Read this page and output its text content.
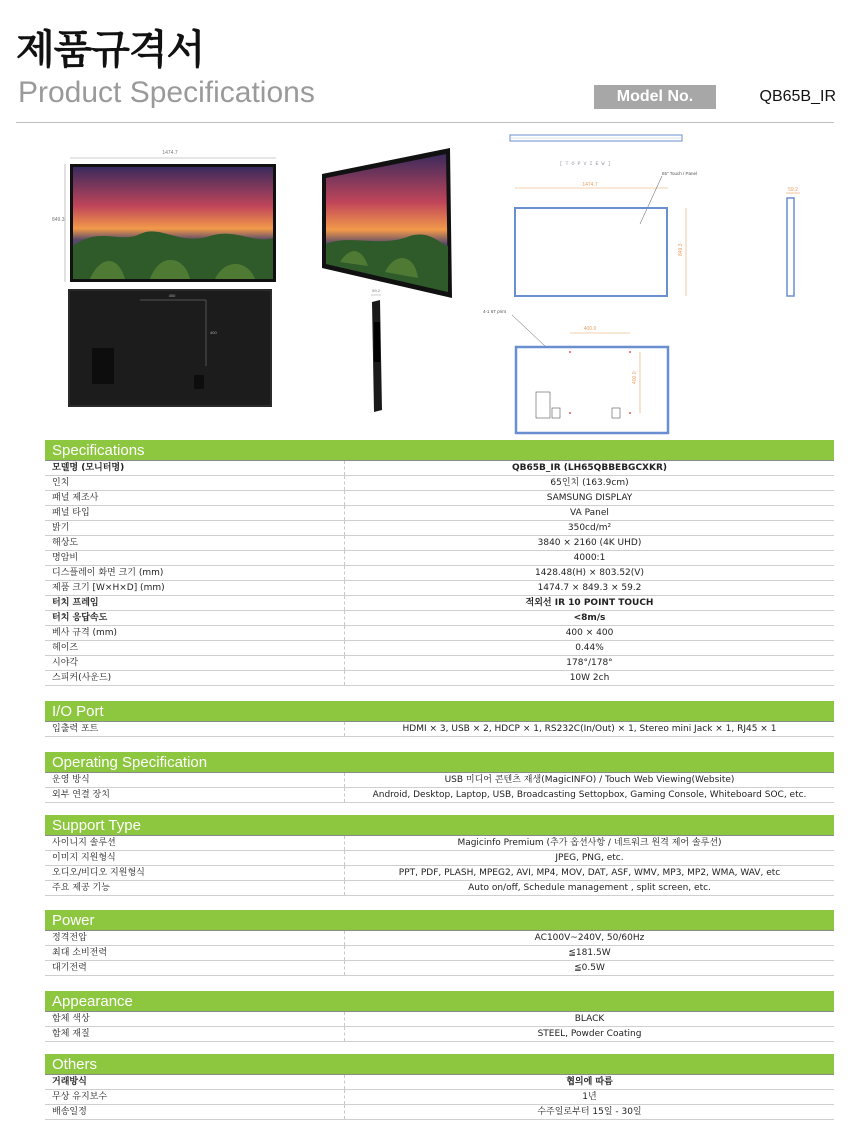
제품규격서
Product Specifications	Model No.	QB65B_IR
1474.7
849.3
400
400
59.2
[ T O P V I E W ]
1474.7
65" Touch / Panel
849.3
59.2
4-1 6T print
400.0
400.0
Specifications
모델명 (모니터명)	QB65B_IR (LH65QBBEBGCXKR)
인치	65인치 (163.9cm)
패널 제조사	SAMSUNG DISPLAY
패널 타입	VA Panel
밝기	350cd/m²
해상도	3840 × 2160 (4K UHD)
명암비	4000:1
디스플레이 화면 크기 (mm)	1428.48(H) × 803.52(V)
제품 크기 [W×H×D] (mm)	1474.7 × 849.3 × 59.2
터치 프레임	적외선 IR 10 POINT TOUCH
터치 응답속도	<8m/s
베사 규격 (mm)	400 × 400
헤이즈	0.44%
시야각	178°/178°
스피커(사운드)	10W 2ch
I/O Port
입출력 포트	HDMI × 3, USB × 2, HDCP × 1, RS232C(In/Out) × 1, Stereo mini Jack × 1, RJ45 × 1
Operating Specification
운영 방식	USB 미디어 콘텐츠 재생(MagicINFO) / Touch Web Viewing(Website)
외부 연결 장치	Android, Desktop, Laptop, USB, Broadcasting Settopbox, Gaming Console, Whiteboard SOC, etc.
Support Type
사이니지 솔루션	Magicinfo Premium (추가 옵션사항 / 네트워크 원격 제어 솔루션)
이미지 지원형식	JPEG, PNG, etc.
오디오/비디오 지원형식	PPT, PDF, PLASH, MPEG2, AVI, MP4, MOV, DAT, ASF, WMV, MP3, MP2, WMA, WAV, etc
주요 제공 기능	Auto on/off, Schedule management , split screen, etc.
Power
정격전압	AC100V~240V, 50/60Hz
최대 소비전력	≦181.5W
대기전력	≦0.5W
Appearance
함체 색상	BLACK
함체 재질	STEEL, Powder Coating
Others
거래방식	협의에 따름
무상 유지보수	1년
배송일정	수주일로부터 15일 - 30일
